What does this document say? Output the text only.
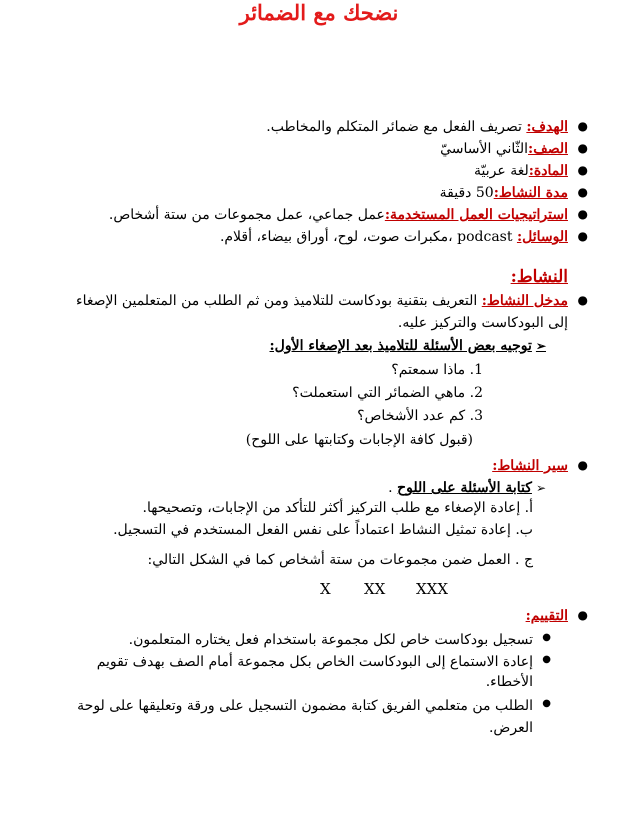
نضحك مع الضمائر
●
الهدف: تصريف الفعل مع ضمائر المتكلم والمخاطب.
●
الصف:الثّاني الأساسيّ
●
المادة:لغة عربيّة
●
مدة النشاط:50 دقيقة
●
استراتيجيات العمل المستخدمة:عمل جماعي، عمل مجموعات من ستة أشخاص.
●
الوسائل: podcast ،مكبرات صوت، لوح، أوراق بيضاء، أقلام.
النشاط:
●
مدخل النشاط: التعريف بتقنية بودكاست للتلاميذ ومن ثم الطلب من المتعلمين الإصغاء
إلى البودكاست والتركيز عليه.
➢توجيه بعض الأسئلة للتلاميذ بعد الإصغاء الأول:
1. ماذا سمعتم؟
2. ماهي الضمائر التي استعملت؟
3. كم عدد الأشخاص؟
(قبول كافة الإجابات وكتابتها على اللوح)
●
سير النشاط:
➢كتابة الأسئلة على اللوح .
أ. إعادة الإصغاء مع طلب التركيز أكثر للتأكد من الإجابات، وتصحيحها.
ب. إعادة تمثيل النشاط اعتماداً على نفس الفعل المستخدم في التسجيل.
ج . العمل ضمن مجموعات من ستة أشخاص كما في الشكل التالي:
X XX XXX
●
التقييم:
●
تسجيل بودكاست خاص لكل مجموعة باستخدام فعل يختاره المتعلمون.
●
إعادة الاستماع إلى البودكاست الخاص بكل مجموعة أمام الصف بهدف تقويم
الأخطاء.
●
الطلب من متعلمي الفريق كتابة مضمون التسجيل على ورقة وتعليقها على لوحة
العرض.
